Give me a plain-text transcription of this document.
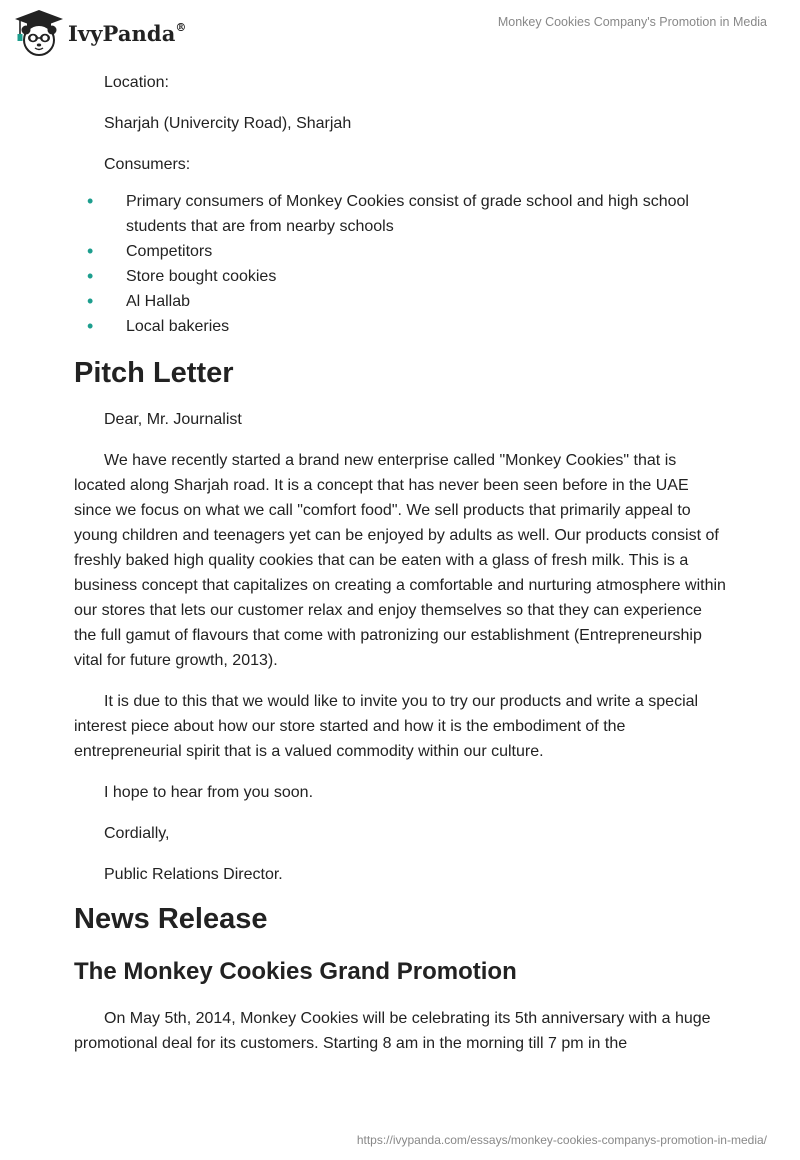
IvyPanda®	Monkey Cookies Company's Promotion in Media

Location:

Sharjah (Univercity Road), Sharjah

Consumers:

• Primary consumers of Monkey Cookies consist of grade school and high school students that are from nearby schools
• Competitors
• Store bought cookies
• Al Hallab
• Local bakeries
Pitch Letter

Dear, Mr. Journalist

We have recently started a brand new enterprise called "Monkey Cookies" that is located along Sharjah road. It is a concept that has never been seen before in the UAE since we focus on what we call "comfort food". We sell products that primarily appeal to young children and teenagers yet can be enjoyed by adults as well. Our products consist of freshly baked high quality cookies that can be eaten with a glass of fresh milk. This is a business concept that capitalizes on creating a comfortable and nurturing atmosphere within our stores that lets our customer relax and enjoy themselves so that they can experience the full gamut of flavours that come with patronizing our establishment (Entrepreneurship vital for future growth, 2013).

It is due to this that we would like to invite you to try our products and write a special interest piece about how our store started and how it is the embodiment of the entrepreneurial spirit that is a valued commodity within our culture.

I hope to hear from you soon.

Cordially,

Public Relations Director.

News Release
The Monkey Cookies Grand Promotion

On May 5th, 2014, Monkey Cookies will be celebrating its 5th anniversary with a huge promotional deal for its customers. Starting 8 am in the morning till 7 pm in the

https://ivypanda.com/essays/monkey-cookies-companys-promotion-in-media/
